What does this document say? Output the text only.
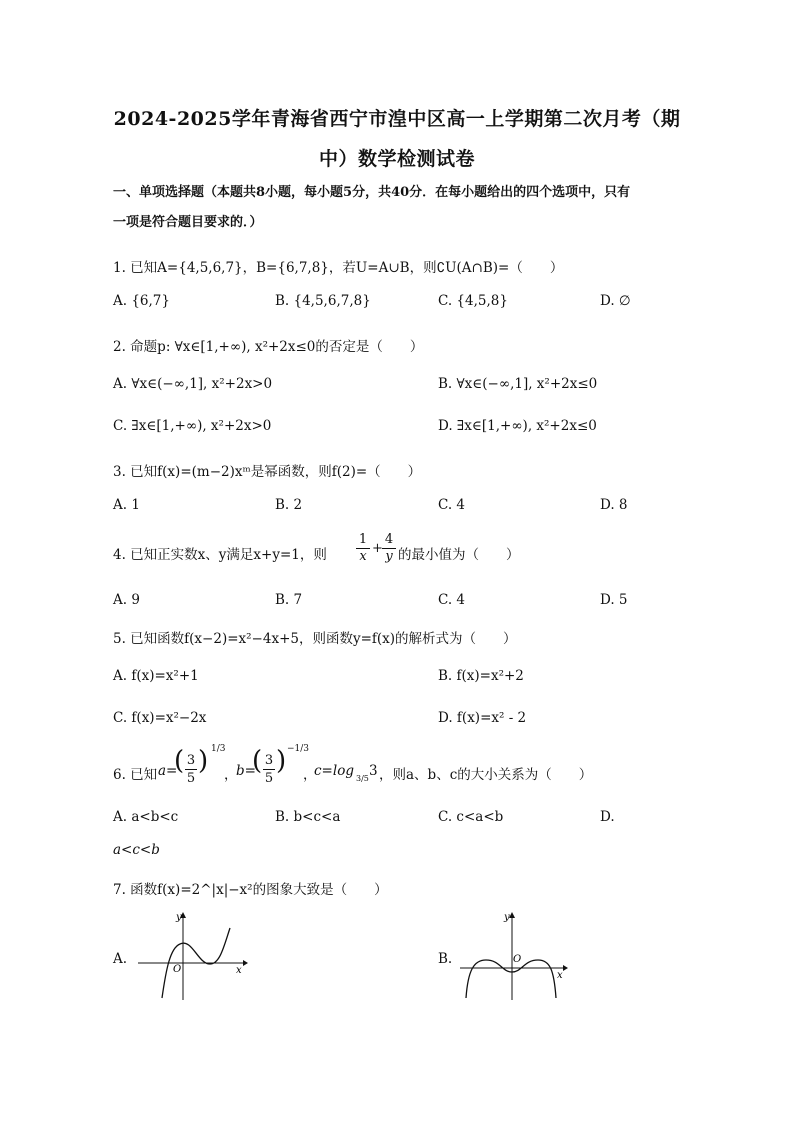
2024-2025学年青海省西宁市湟中区高一上学期第二次月考（期
中）数学检测试卷
一、单项选择题（本题共8小题，每小题5分，共40分．在每小题给出的四个选项中，只有
一项是符合题目要求的．）
1. 已知A={4,5,6,7}，B={6,7,8}，若U=A∪B，则∁U(A∩B)=（　　）
A. {6,7}	B. {4,5,6,7,8}	C. {4,5,8}	D. ∅
2. 命题p: ∀x∈[1,+∞), x²+2x≤0的否定是（　　）
A. ∀x∈(−∞,1], x²+2x>0	B. ∀x∈(−∞,1], x²+2x≤0
C. ∃x∈[1,+∞), x²+2x>0	D. ∃x∈[1,+∞), x²+2x≤0
3. 已知f(x)=(m−2)xᵐ是幂函数，则f(2)=（　　）
A. 1	B. 2	C. 4	D. 8
4. 已知正实数x、y满足x+y=1，则 $\frac{1}{x} + \frac{4}{y}$ 的最小值为（　　）
A. 9	B. 7	C. 4	D. 5
5. 已知函数f(x−2)=x²−4x+5，则函数y=f(x)的解析式为（　　）
A. f(x)=x²+1	B. f(x)=x²+2
C. f(x)=x²−2x	D. f(x)=x² - 2
6. 已知 a=
( $\frac{3}{5}$ ) 1/3
，
b=
( $\frac{3}{5}$ ) −1/3
，
c=log 3/5 3 ，则a、b、c的大小关系为（　　）
A. a<b<c	B. b<c<a	C. c<a<b	D.
a<c<b
7. 函数f(x)=2^|x|−x²的图象大致是（　　）
A.
y
x
O
B.
y
x
O
